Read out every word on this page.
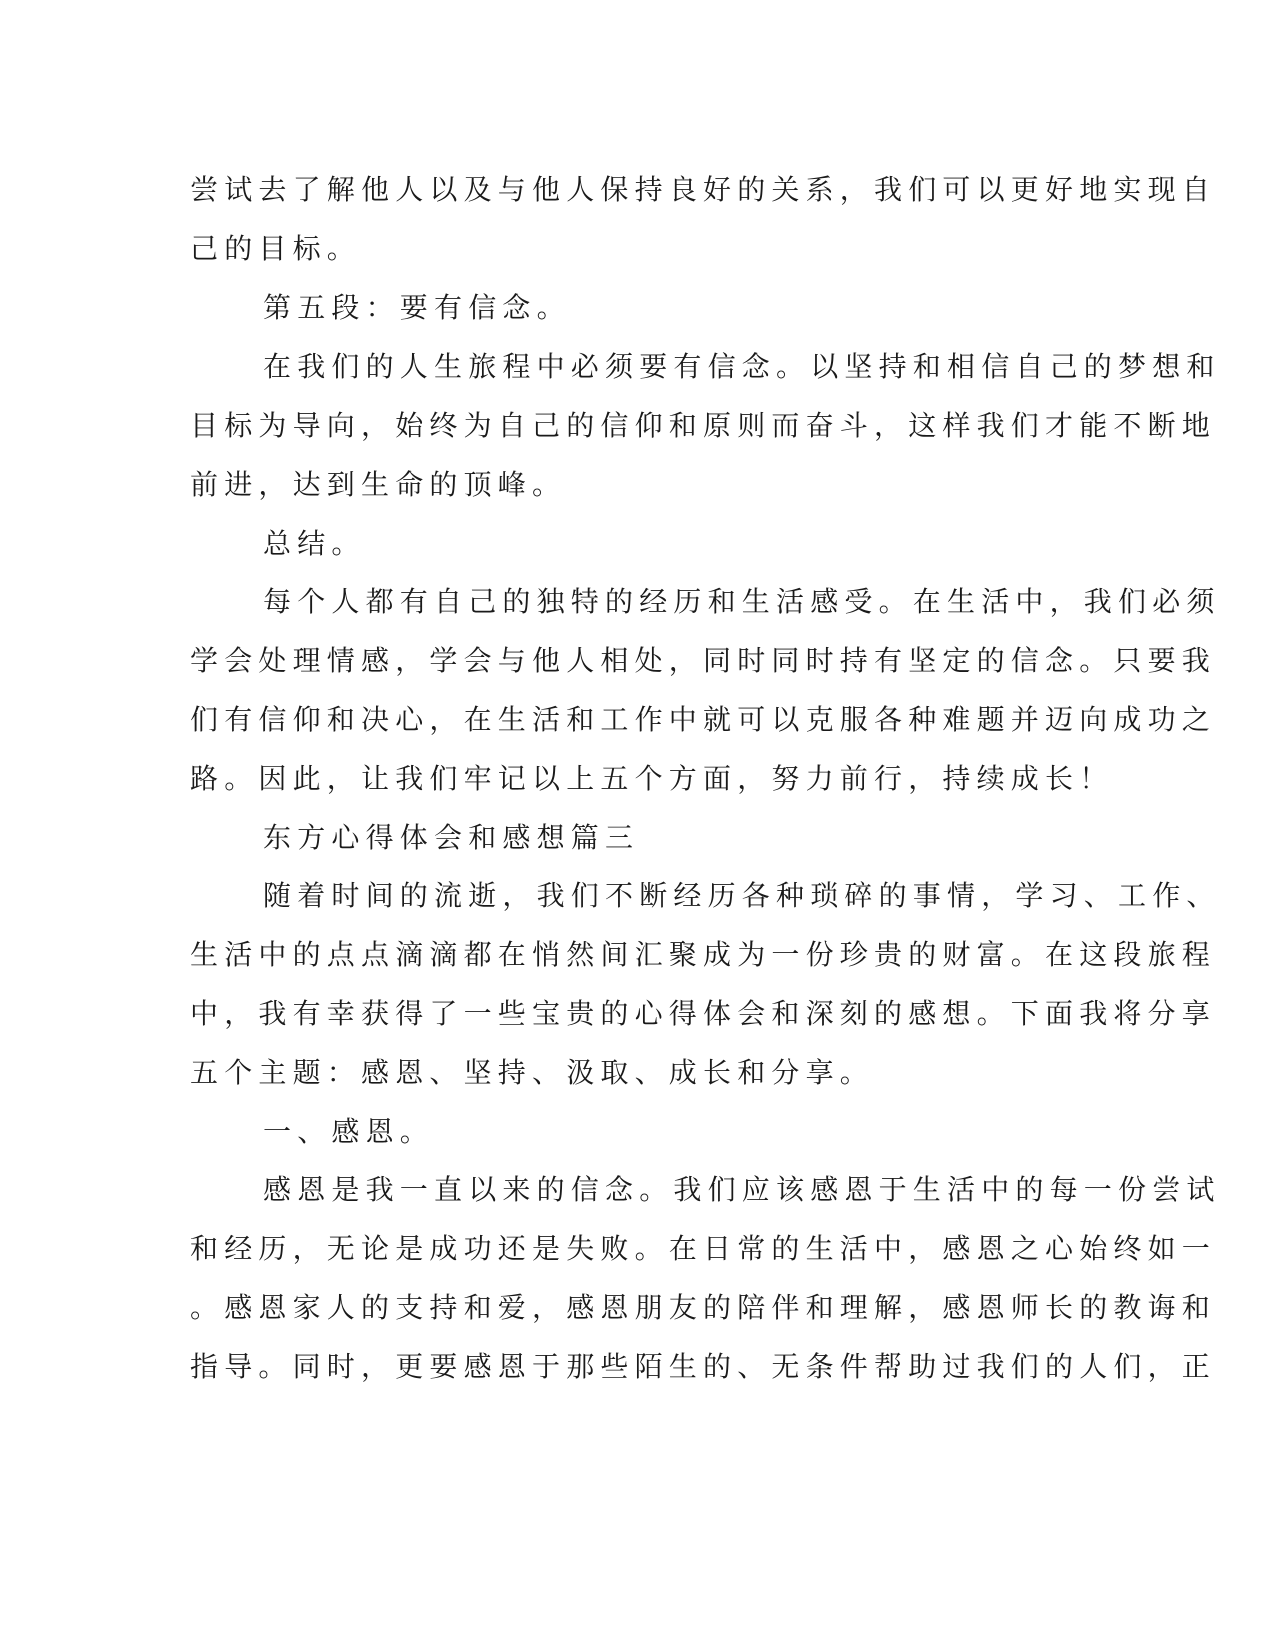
尝试去了解他人以及与他人保持良好的关系，我们可以更好地实现自
己的目标。
第五段：要有信念。
在我们的人生旅程中必须要有信念。以坚持和相信自己的梦想和
目标为导向，始终为自己的信仰和原则而奋斗，这样我们才能不断地
前进，达到生命的顶峰。
总结。
每个人都有自己的独特的经历和生活感受。在生活中，我们必须
学会处理情感，学会与他人相处，同时同时持有坚定的信念。只要我
们有信仰和决心，在生活和工作中就可以克服各种难题并迈向成功之
路。因此，让我们牢记以上五个方面，努力前行，持续成长！
东方心得体会和感想篇三
随着时间的流逝，我们不断经历各种琐碎的事情，学习、工作、
生活中的点点滴滴都在悄然间汇聚成为一份珍贵的财富。在这段旅程
中，我有幸获得了一些宝贵的心得体会和深刻的感想。下面我将分享
五个主题：感恩、坚持、汲取、成长和分享。
一、感恩。
感恩是我一直以来的信念。我们应该感恩于生活中的每一份尝试
和经历，无论是成功还是失败。在日常的生活中，感恩之心始终如一
。感恩家人的支持和爱，感恩朋友的陪伴和理解，感恩师长的教诲和
指导。同时，更要感恩于那些陌生的、无条件帮助过我们的人们，正
